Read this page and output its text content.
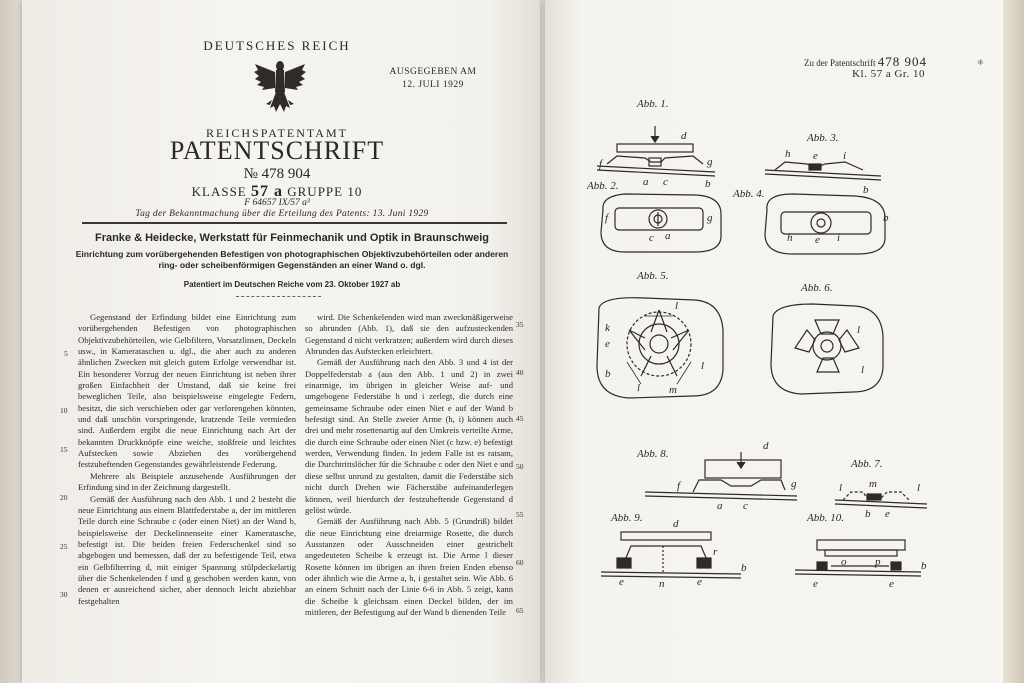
DEUTSCHES REICH
AUSGEGEBEN AM
12. JULI 1929
REICHSPATENTAMT
PATENTSCHRIFT
№ 478 904
KLASSE 57 a GRUPPE 10
F 64657 IX/57 a³
Tag der Bekanntmachung über die Erteilung des Patents: 13. Juni 1929
Franke & Heidecke, Werkstatt für Feinmechanik und Optik in Braunschweig
Einrichtung zum vorübergehenden Befestigen von photographischen Objektivzubehörteilen oder anderen ring- oder scheibenförmigen Gegenständen an einer Wand o. dgl.
Patentiert im Deutschen Reiche vom 23. Oktober 1927 ab

Gegenstand der Erfindung bildet eine Einrichtung zum vorübergehenden Befestigen von photographischen Objektivzubehörteilen, wie Gelbfiltern, Vorsatzlinsen, Deckeln usw., in Kamerataschen u. dgl., die aber auch zu anderen ähnlichen Zwecken mit gleich gutem Erfolge verwendbar ist. Ein besonderer Vorzug der neuen Einrichtung ist neben ihrer großen Einfachheit der Umstand, daß sie keine frei beweglichen Teile, also beispielsweise eingelegte Federn, besitzt, die sich verschieben oder gar verlorengehen könnten, und daß unschön vorspringende, kratzende Teile vermieden sind. Außerdem ergibt die neue Einrichtung nach Art der bekannten Druckknöpfe eine weiche, stoßfreie und leichtes Aufstecken sowie Abziehen des vorübergehend festzuheftenden Gegenstandes gewährleistende Federung.

Mehrere als Beispiele anzusehende Ausführungen der Erfindung sind in der Zeichnung dargestellt.

Gemäß der Ausführung nach den Abb. 1 und 2 besteht die neue Einrichtung aus einem Blattfederstabe a, der im mittleren Teile durch eine Schraube c (oder einen Niet) an der Wand b, beispielsweise der Deckelinnenseite einer Kameratasche, befestigt ist. Die beiden freien Federschenkel sind so abgebogen und bemessen, daß der zu befestigende Teil, etwa ein Gelbfilterring d, mit einiger Spannung stülpdeckelartig über die Schenkelenden f und g geschoben werden kann, von denen er ausreichend sicher, aber dennoch leicht abziehbar festgehalten

wird. Die Schenkelenden wird man zweckmäßigerweise so abrunden (Abb. 1), daß sie den aufzusteckenden Gegenstand d nicht verkratzen; außerdem wird durch dieses Abrunden das Aufstecken erleichtert.

Gemäß der Ausführung nach den Abb. 3 und 4 ist der Doppelfederstab a (aus den Abb. 1 und 2) in zwei einarmige, im übrigen in gleicher Weise auf- und umgebogene Federstäbe h und i zerlegt, die durch eine gemeinsame Schraube oder einen Niet e auf der Wand b befestigt sind. An Stelle zweier Arme (h, i) können auch drei und mehr rosettenartig auf den Umkreis verteilte Arme, die durch eine Schraube oder einen Niet (c bzw. e) befestigt werden, Verwendung finden. In jedem Falle ist es ratsam, die Durchtrittslöcher für die Schraube c oder den Niet e und diese selbst unrund zu gestalten, damit die Federstäbe sich nicht durch Drehen wie Fächerstäbe aufeinanderlegen können, weil hierdurch der festzuheftende Gegenstand d gelöst würde.

Gemäß der Ausführung nach Abb. 5 (Grundriß) bildet die neue Einrichtung eine dreiarmige Rosette, die durch Ausstanzen oder Ausschneiden einer gestrichelt angedeuteten Scheibe k erzeugt ist. Die Arme l dieser Rosette können im übrigen an ihren freien Enden ebenso oder ähnlich wie die Arme a, h, i gestaltet sein. Wie Abb. 6 an einem Schnitt nach der Linie 6-6 in Abb. 5 zeigt, kann die Scheibe k gleichsam einen Deckel bilden, der im mittleren, der Befestigung auf der Wand b dienenden Teile

5
10
15
20
25
30
35
40
45
50
55
60
65
Zu der Patentschrift 478 904
Kl. 57 a Gr. 10
⁜
Abb. 1.
Abb. 2.
Abb. 3.
Abb. 4.
Abb. 5.
Abb. 7.
Abb. 6.
Abb. 8.
Abb. 9.	Abb. 10.
d
f	g
a c	b
f	g
c a
h e i
b
h e i
b
k
e
b
l
l
l	m
l
l
d
f	g
a c
l m	l
b e
d
r
b
e	n	e
o	p	b
e	e
